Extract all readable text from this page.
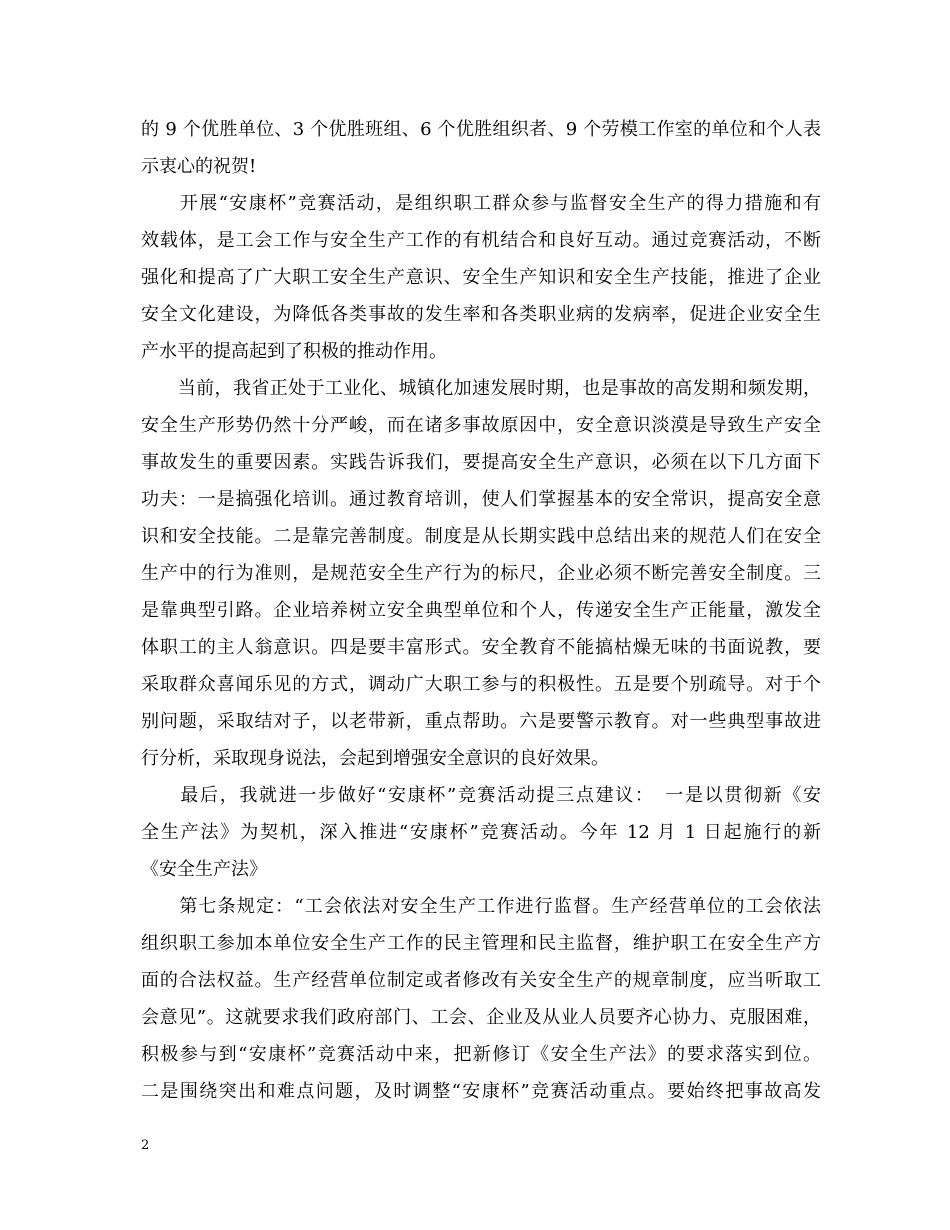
的 9 个优胜单位、3 个优胜班组、6 个优胜组织者、9 个劳模工作室的单位和个人表
示衷心的祝贺!
　　开展“安康杯”竞赛活动，是组织职工群众参与监督安全生产的得力措施和有
效载体，是工会工作与安全生产工作的有机结合和良好互动。通过竞赛活动，不断
强化和提高了广大职工安全生产意识、安全生产知识和安全生产技能，推进了企业
安全文化建设，为降低各类事故的发生率和各类职业病的发病率，促进企业安全生
产水平的提高起到了积极的推动作用。
　　当前，我省正处于工业化、城镇化加速发展时期，也是事故的高发期和频发期，
安全生产形势仍然十分严峻，而在诸多事故原因中，安全意识淡漠是导致生产安全
事故发生的重要因素。实践告诉我们，要提高安全生产意识，必须在以下几方面下
功夫：一是搞强化培训。通过教育培训，使人们掌握基本的安全常识，提高安全意
识和安全技能。二是靠完善制度。制度是从长期实践中总结出来的规范人们在安全
生产中的行为准则，是规范安全生产行为的标尺，企业必须不断完善安全制度。三
是靠典型引路。企业培养树立安全典型单位和个人，传递安全生产正能量，激发全
体职工的主人翁意识。四是要丰富形式。安全教育不能搞枯燥无味的书面说教，要
采取群众喜闻乐见的方式，调动广大职工参与的积极性。五是要个别疏导。对于个
别问题，采取结对子，以老带新，重点帮助。六是要警示教育。对一些典型事故进
行分析，采取现身说法，会起到增强安全意识的良好效果。
　　最后，我就进一步做好“安康杯”竞赛活动提三点建议：　一是以贯彻新《安
全生产法》为契机，深入推进“安康杯”竞赛活动。今年 12 月 1 日起施行的新
《安全生产法》
　　第七条规定：“工会依法对安全生产工作进行监督。生产经营单位的工会依法
组织职工参加本单位安全生产工作的民主管理和民主监督，维护职工在安全生产方
面的合法权益。生产经营单位制定或者修改有关安全生产的规章制度，应当听取工
会意见”。这就要求我们政府部门、工会、企业及从业人员要齐心协力、克服困难，
积极参与到“安康杯”竞赛活动中来，把新修订《安全生产法》的要求落实到位。
二是围绕突出和难点问题，及时调整“安康杯”竞赛活动重点。要始终把事故高发
2
